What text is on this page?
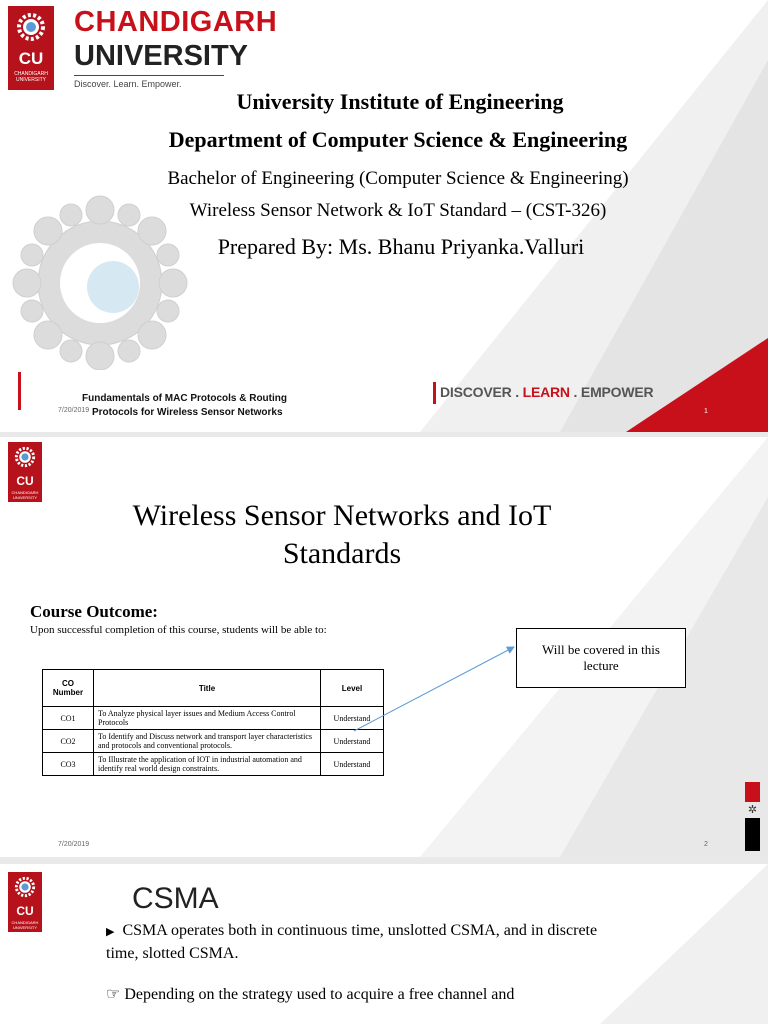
CU
CHANDIGARH UNIVERSITY
CHANDIGARH
UNIVERSITY
Discover. Learn. Empower.
University Institute of Engineering
Department of Computer Science & Engineering
Bachelor of Engineering (Computer Science & Engineering)
Wireless Sensor Network & IoT Standard – (CST-326)
Prepared By: Ms. Bhanu Priyanka.Valluri
Fundamentals of MAC Protocols & Routing
7/20/2019 Protocols for Wireless Sensor Networks
DISCOVER . LEARN . EMPOWER
1
CU
CHANDIGARH UNIVERSITY
Wireless Sensor Networks and IoT
Standards
Course Outcome:
Upon successful completion of this course, students will be able to:
CO Number	Title	Level
CO1	To Analyze physical layer issues and Medium Access Control Protocols	Understand
CO2	To Identify and Discuss network and transport layer characteristics and protocols and conventional protocols.	Understand
CO3	To Illustrate the application of IOT in industrial automation and identify real world design constraints.	Understand
Will be covered in this lecture
✲
7/20/2019	2
CU
CHANDIGARH UNIVERSITY
CSMA
▶ CSMA operates both in continuous time, unslotted CSMA, and in discrete time, slotted CSMA.
☞ Depending on the strategy used to acquire a free channel and
